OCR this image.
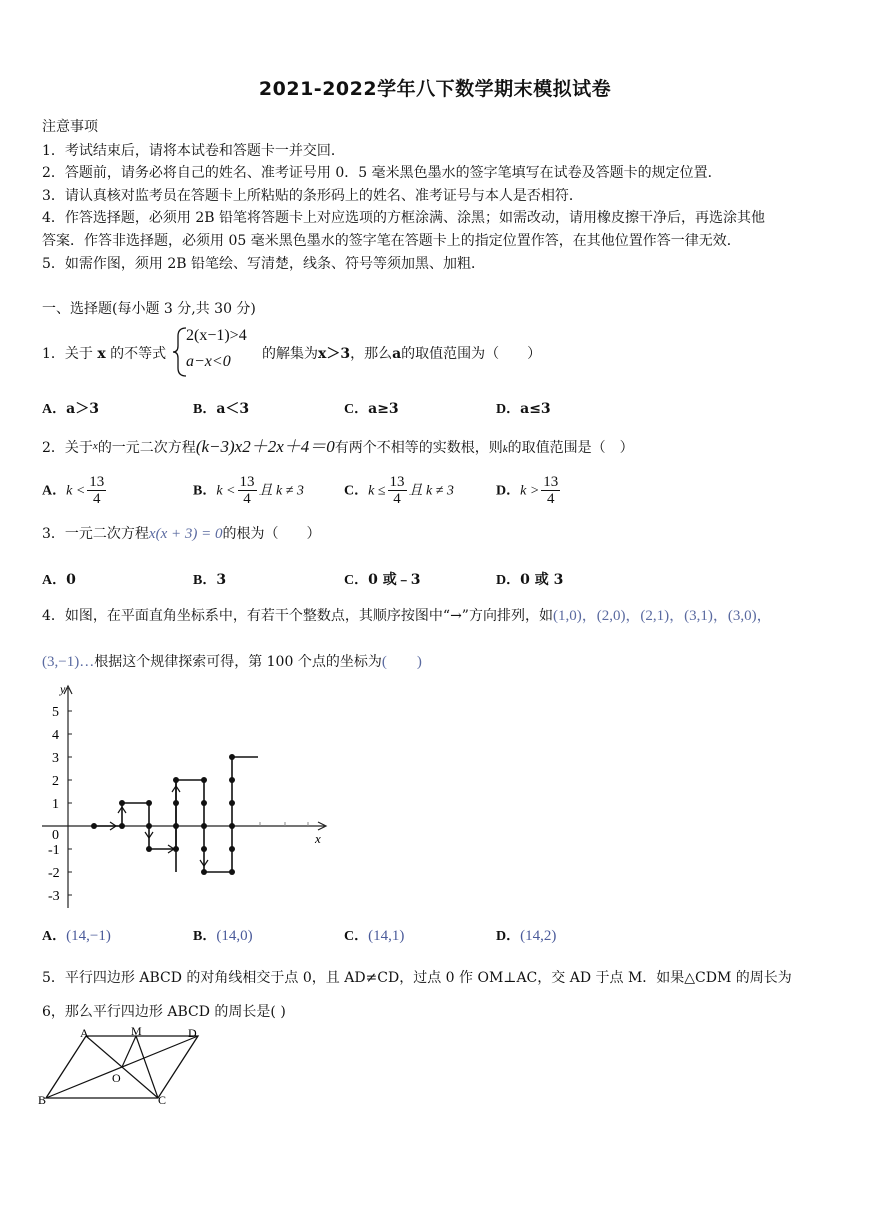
2021-2022学年八下数学期末模拟试卷
注意事项
1．考试结束后，请将本试卷和答题卡一并交回．
2．答题前，请务必将自己的姓名、准考证号用 0．5 毫米黑色墨水的签字笔填写在试卷及答题卡的规定位置．
3．请认真核对监考员在答题卡上所粘贴的条形码上的姓名、准考证号与本人是否相符．
4．作答选择题，必须用 2B 铅笔将答题卡上对应选项的方框涂满、涂黑；如需改动，请用橡皮擦干净后，再选涂其他
答案．作答非选择题，必须用 05 毫米黑色墨水的签字笔在答题卡上的指定位置作答，在其他位置作答一律无效．
5．如需作图，须用 2B 铅笔绘、写清楚，线条、符号等须加黑、加粗．
一、选择题(每小题 3 分,共 30 分)
1．关于 x 的不等式
2(x−1)>4
a−x<0 的解集为x＞3，那么a的取值范围为（　　）
A．a＞3	B．a＜3	C．a≥3	D．a≤3
2．关于$^x$的一元二次方程(k−3)x2＋2x＋4＝0有两个不相等的实数根，则k的取值范围是（　）
A．$k < \frac{13}{4}$	B．$k < \frac{13}{4}$ 且 k ≠ 3	C．$k \le \frac{13}{4}$ 且 k ≠ 3	D．$k > \frac{13}{4}$
3．一元二次方程x(x + 3) = 0的根为（　　）
A．0	B．3	C．0 或﹣3	D．0 或 3
4．如图，在平面直角坐标系中，有若干个整数点，其顺序按图中“→”方向排列，如(1,0)，(2,0)，(2,1)，(3,1)，(3,0)，
(3,−1)…根据这个规律探索可得，第 100 个点的坐标为(　　)
y
x
5
4
3
2
1
0
-1
-2
-3
A．(14,−1)	B．(14,0)	C．(14,1)	D．(14,2)
5．平行四边形 ABCD 的对角线相交于点 0，且 AD≠CD，过点 0 作 OM⊥AC，交 AD 于点 M．如果△CDM 的周长为
6，那么平行四边形 ABCD 的周长是( )
A	M	D
B	C
O
